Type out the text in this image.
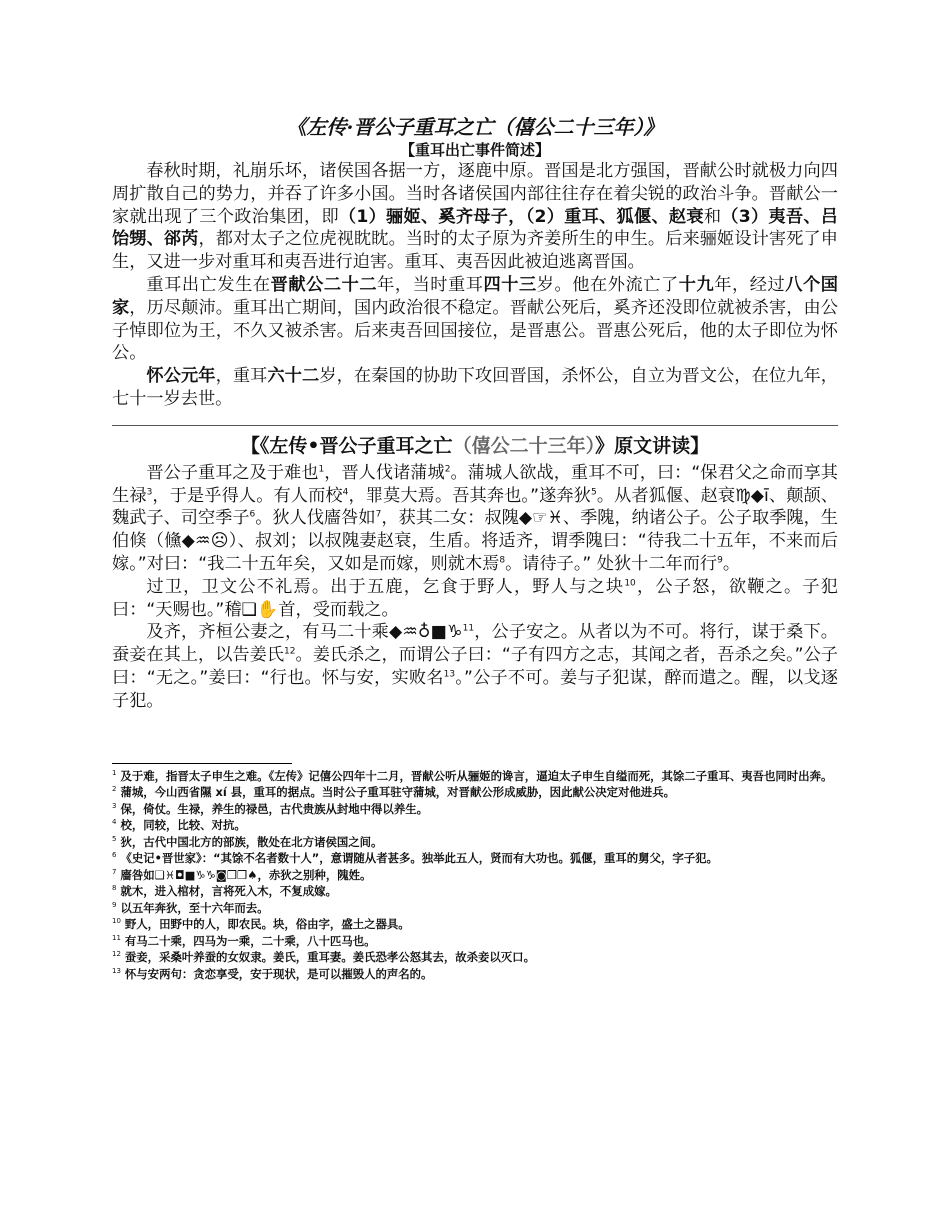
《左传·晋公子重耳之亡（僖公二十三年）》
【重耳出亡事件简述】

春秋时期，礼崩乐坏，诸侯国各据一方，逐鹿中原。晋国是北方强国，晋献公时就极力向四周扩散自己的势力，并吞了许多小国。当时各诸侯国内部往往存在着尖锐的政治斗争。晋献公一家就出现了三个政治集团，即（1）骊姬、奚齐母子，（2）重耳、狐偃、赵衰和（3）夷吾、吕饴甥、郤芮，都对太子之位虎视眈眈。当时的太子原为齐姜所生的申生。后来骊姬设计害死了申生，又进一步对重耳和夷吾进行迫害。重耳、夷吾因此被迫逃离晋国。

重耳出亡发生在晋献公二十二年，当时重耳四十三岁。他在外流亡了十九年，经过八个国家，历尽颠沛。重耳出亡期间，国内政治很不稳定。晋献公死后，奚齐还没即位就被杀害，由公子悼即位为王，不久又被杀害。后来夷吾回国接位，是晋惠公。晋惠公死后，他的太子即位为怀公。

怀公元年，重耳六十二岁，在秦国的协助下攻回晋国，杀怀公，自立为晋文公，在位九年，七十一岁去世。

【《左传•晋公子重耳之亡（僖公二十三年）》原文讲读】

晋公子重耳之及于难也$^1$，晋人伐诸蒲城$^2$。蒲城人欲战，重耳不可，曰：“保君父之命而享其生禄$^3$，于是乎得人。有人而校$^4$，罪莫大焉。吾其奔也。”遂奔狄$^5$。从者狐偃、赵衰♍◆ī、颠颉、魏武子、司空季子$^6$。狄人伐廧咎如$^7$，获其二女：叔隗◆☞♓、季隗，纳诸公子。公子取季隗，生伯倏（儵◆♒☹）、叔刘；以叔隗妻赵衰，生盾。将适齐，谓季隗曰：“待我二十五年，不来而后嫁。”对曰：“我二十五年矣，又如是而嫁，则就木焉$^8$。请待子。” 处狄十二年而行$^9$。

过卫，卫文公不礼焉。出于五鹿，乞食于野人，野人与之块$^{10}$，公子怒，欲鞭之。子犯曰：“天赐也。”稽❑✋首，受而载之。

及齐，齐桓公妻之，有马二十乘◆♒♁■♑$^{11}$，公子安之。从者以为不可。将行，谋于桑下。蚕妾在其上，以告姜氏$^{12}$。姜氏杀之，而谓公子曰：“子有四方之志，其闻之者，吾杀之矣。”公子曰：“无之。”姜曰：“行也。怀与安，实败名$^{13}$。”公子不可。姜与子犯谋，醉而遣之。醒，以戈逐子犯。

$^1$ 及于难，指晋太子申生之难。《左传》记僖公四年十二月，晋献公听从骊姬的谗言，逼迫太子申生自缢而死，其馀二子重耳、夷吾也同时出奔。

$^2$ 蒲城，今山西省隰 xí 县，重耳的据点。当时公子重耳驻守蒲城，对晋献公形成威胁，因此献公决定对他进兵。

$^3$ 保，倚仗。生禄，养生的禄邑，古代贵族从封地中得以养生。

$^4$ 校，同较，比较、对抗。

$^5$ 狄，古代中国北方的部族，散处在北方诸侯国之间。

$^6$ 《史记•晋世家》：“其馀不名者数十人”，意谓随从者甚多。独举此五人，贤而有大功也。狐偃，重耳的舅父，字子犯。

$^7$ 廧咎如❑♓◘■♑♑◙❒❒♠，赤狄之别种，隗姓。

$^8$ 就木，进入棺材，言将死入木，不复成嫁。

$^9$ 以五年奔狄，至十六年而去。

$^{10}$ 野人，田野中的人，即农民。块，俗由字，盛土之器具。

$^{11}$ 有马二十乘，四马为一乘，二十乘，八十匹马也。

$^{12}$ 蚕妾，采桑叶养蚕的女奴隶。姜氏，重耳妻。姜氏恐孝公怒其去，故杀妾以灭口。

$^{13}$ 怀与安两句：贪恋享受，安于现状，是可以摧毁人的声名的。
